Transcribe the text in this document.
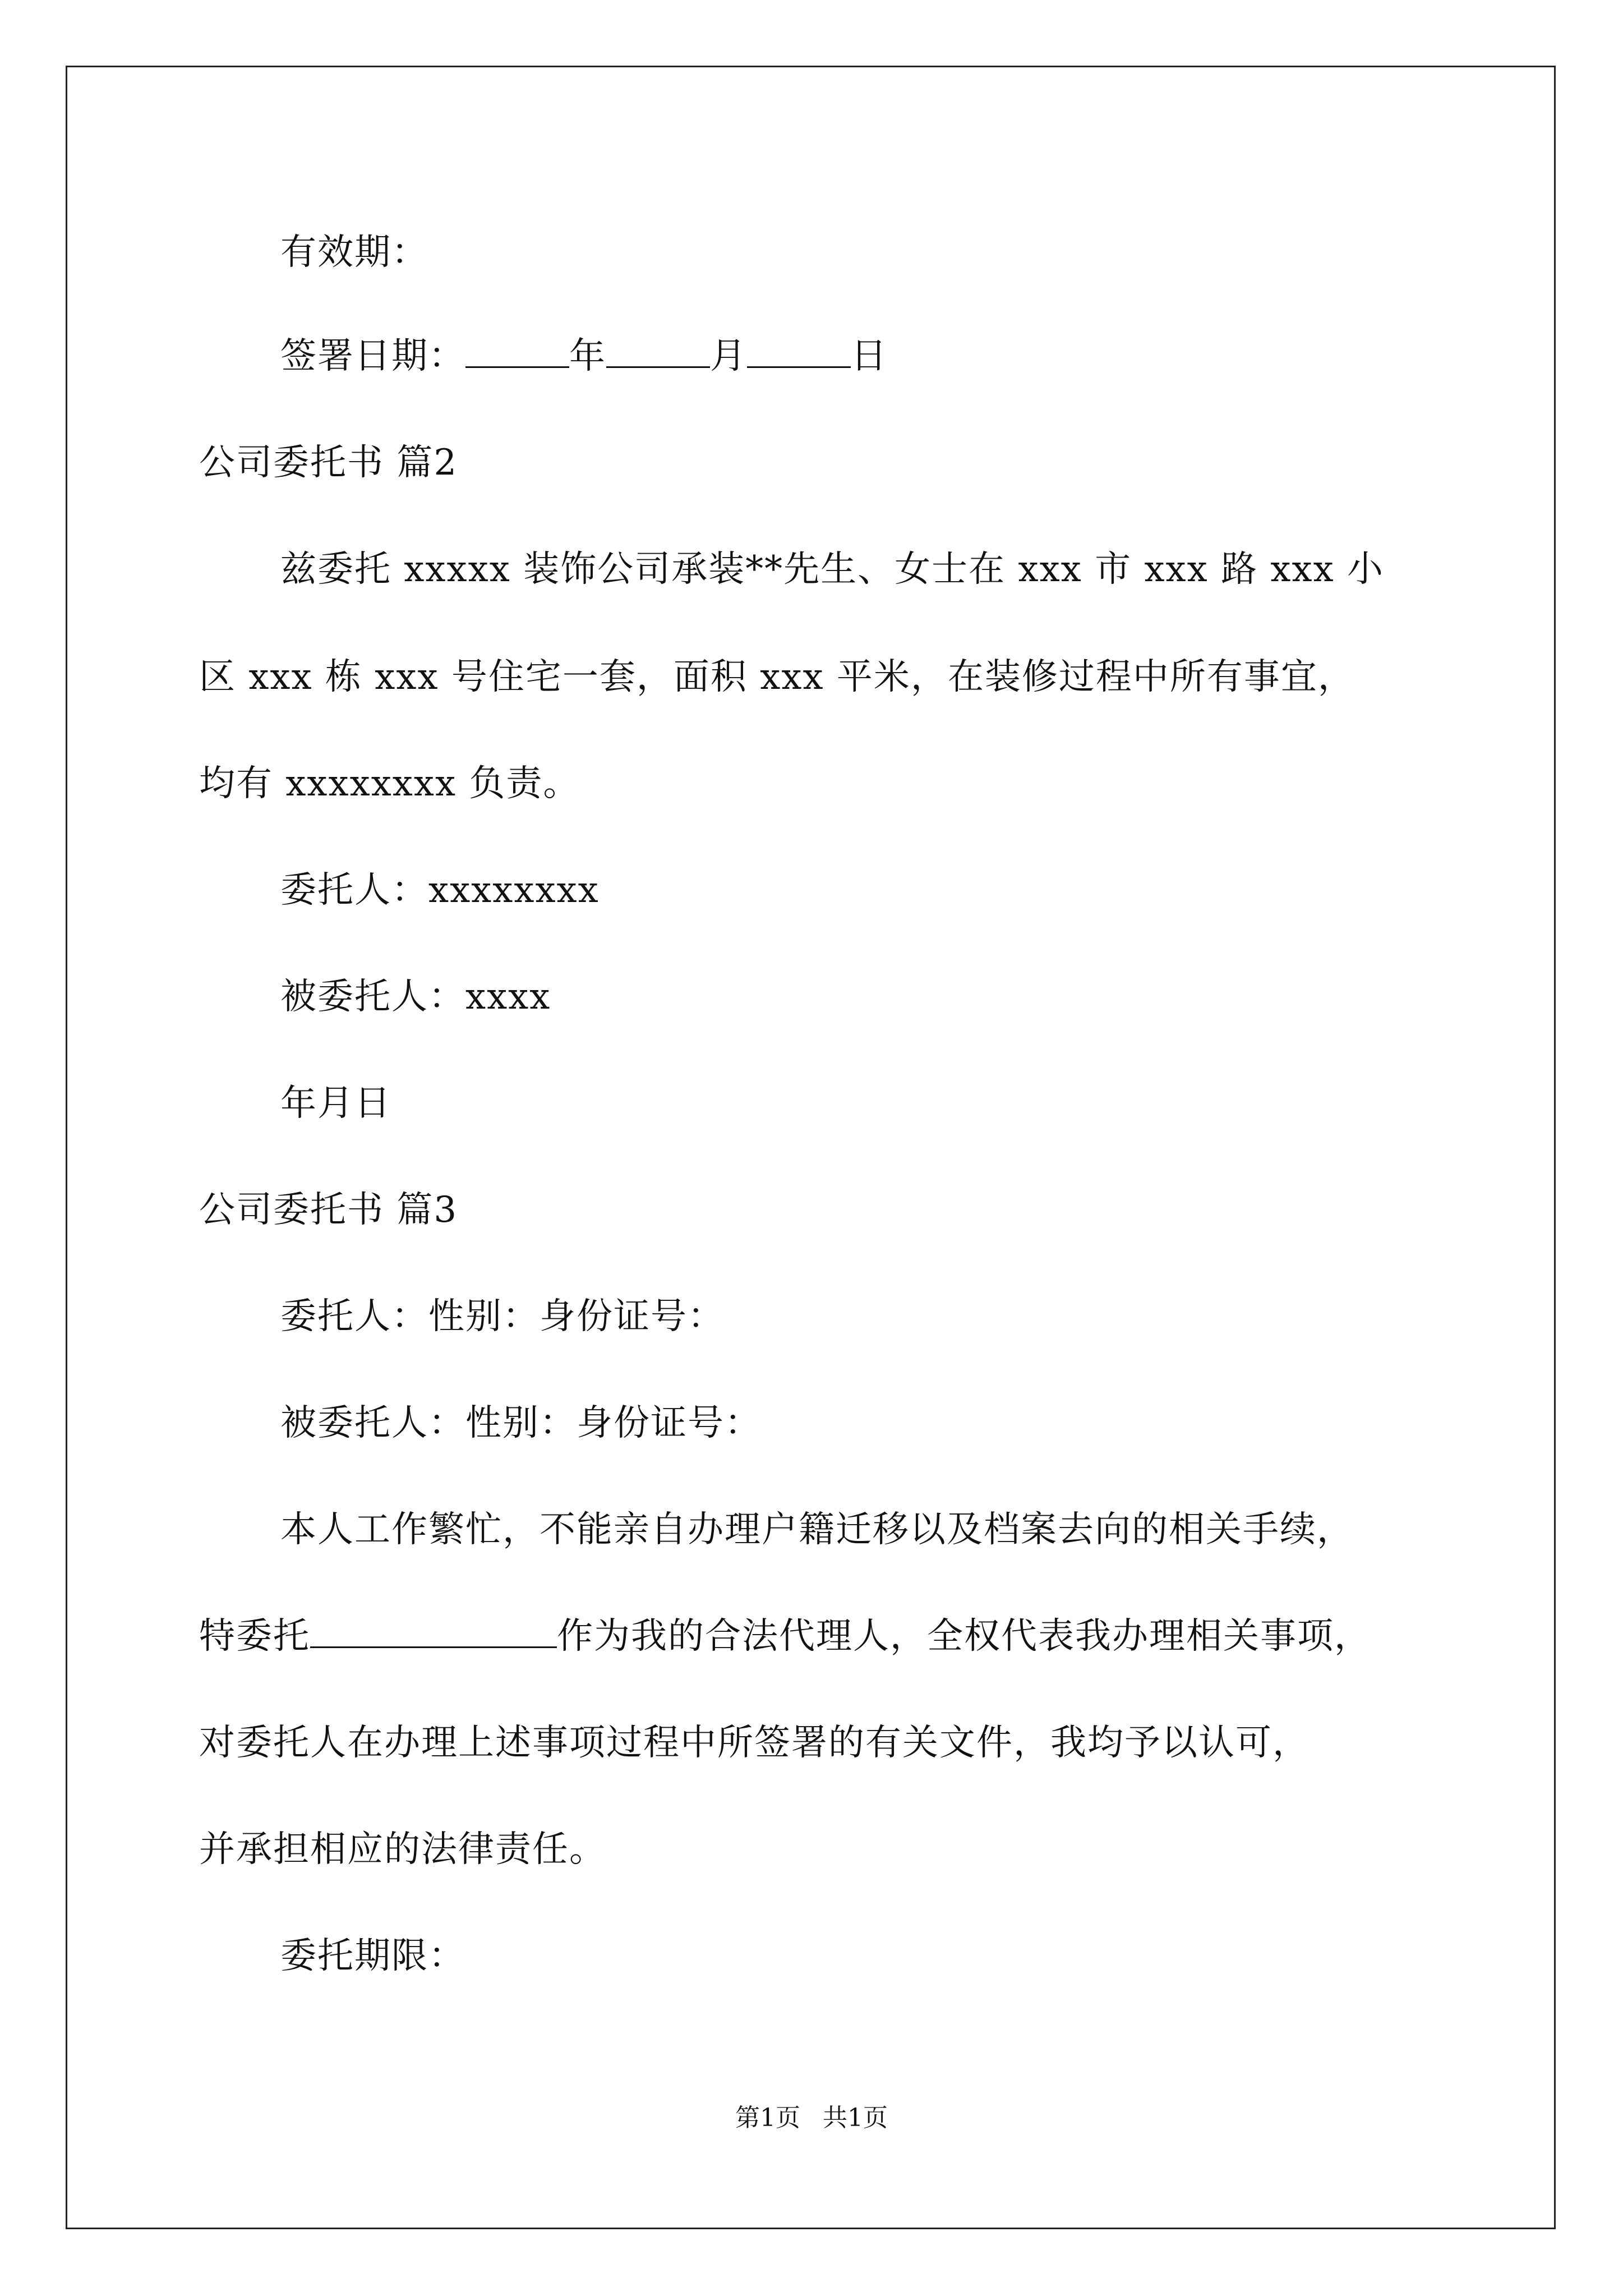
有效期：
签署日期：	年	月	日
公司委托书 篇2
兹委托 xxxxx 装饰公司承装**先生、女士在 xxx 市 xxx 路 xxx 小
区 xxx 栋 xxx 号住宅一套，面积 xxx 平米，在装修过程中所有事宜，
均有 xxxxxxxx 负责。
委托人：xxxxxxxx
被委托人：xxxx
年月日
公司委托书 篇3
委托人：性别：身份证号：
被委托人：性别：身份证号：
本人工作繁忙，不能亲自办理户籍迁移以及档案去向的相关手续，
特委托	作为我的合法代理人，全权代表我办理相关事项，
对委托人在办理上述事项过程中所签署的有关文件，我均予以认可，
并承担相应的法律责任。
委托期限：
第1页 共1页
